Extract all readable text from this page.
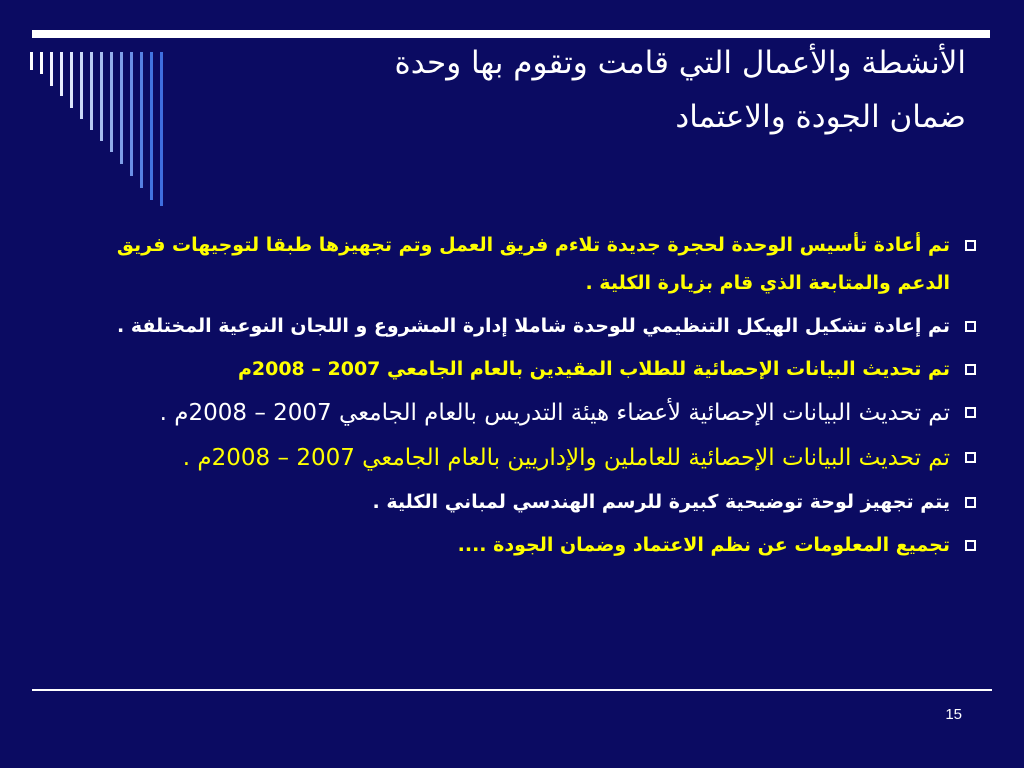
الأنشطة والأعمال التي قامت وتقوم بها وحدة
ضمان الجودة والاعتماد
تم أعادة تأسيس الوحدة لحجرة جديدة تلاءم فريق العمل وتم تجهيزها طبقا لتوجيهات فريق الدعم والمتابعة الذي قام بزيارة الكلية .
تم إعادة تشكيل الهيكل التنظيمي للوحدة شاملا إدارة المشروع و اللجان النوعية المختلفة .
تم تحديث البيانات الإحصائية للطلاب المقيدين بالعام الجامعي 2007 – 2008م
تم تحديث البيانات الإحصائية لأعضاء هيئة التدريس بالعام الجامعي 2007 – 2008م .
تم تحديث البيانات الإحصائية للعاملين والإداريين بالعام الجامعي 2007 – 2008م .
يتم تجهيز لوحة توضيحية كبيرة للرسم الهندسي لمباني الكلية .
تجميع المعلومات عن نظم الاعتماد وضمان الجودة ....
15
